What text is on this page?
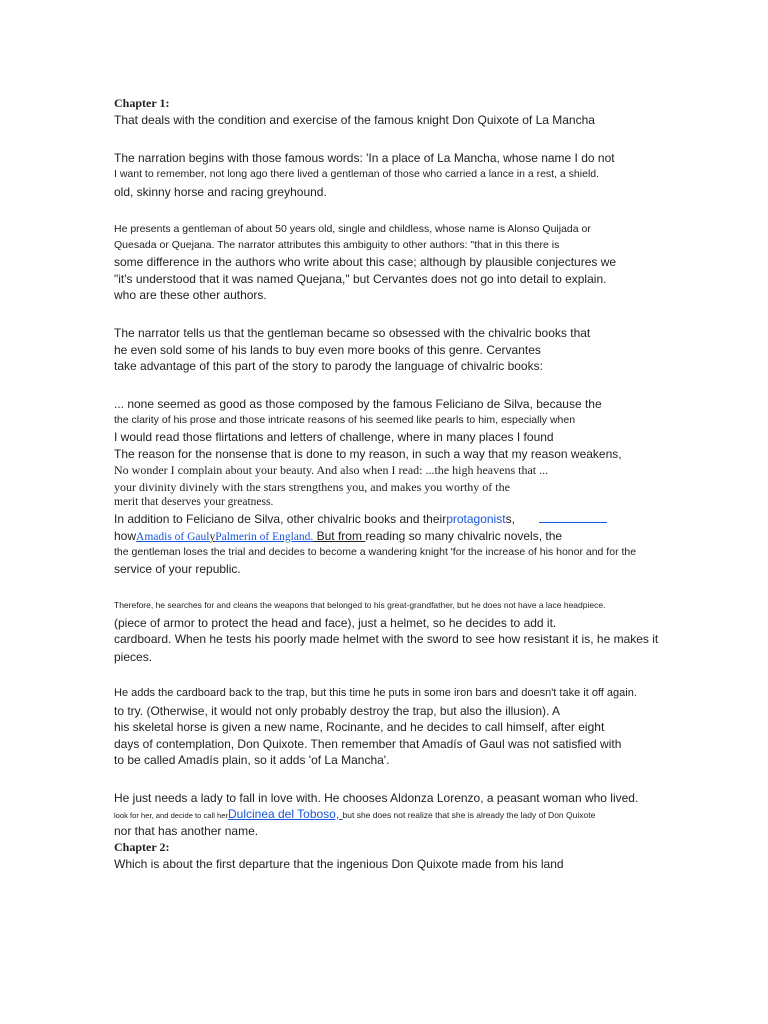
Chapter 1:
That deals with the condition and exercise of the famous knight Don Quixote of La Mancha
The narration begins with those famous words: 'In a place of La Mancha, whose name I do not
I want to remember, not long ago there lived a gentleman of those who carried a lance in a rest, a shield.
old, skinny horse and racing greyhound.
He presents a gentleman of about 50 years old, single and childless, whose name is Alonso Quijada or
Quesada or Quejana. The narrator attributes this ambiguity to other authors: "that in this there is
some difference in the authors who write about this case; although by plausible conjectures we
"it's understood that it was named Quejana," but Cervantes does not go into detail to explain.
who are these other authors.
The narrator tells us that the gentleman became so obsessed with the chivalric books that
he even sold some of his lands to buy even more books of this genre. Cervantes
take advantage of this part of the story to parody the language of chivalric books:
... none seemed as good as those composed by the famous Feliciano de Silva, because the
the clarity of his prose and those intricate reasons of his seemed like pearls to him, especially when
I would read those flirtations and letters of challenge, where in many places I found
The reason for the nonsense that is done to my reason, in such a way that my reason weakens,
No wonder I complain about your beauty. And also when I read: ...the high heavens that ...
your divinity divinely with the stars strengthens you, and makes you worthy of the
merit that deserves your greatness.
In addition to Feliciano de Silva, other chivalric books and theirprotagonists,
howAmadis of GaulyPalmerin of England. But from reading so many chivalric novels, the
the gentleman loses the trial and decides to become a wandering knight 'for the increase of his honor and for the
service of your republic.
Therefore, he searches for and cleans the weapons that belonged to his great-grandfather, but he does not have a lace headpiece.
(piece of armor to protect the head and face), just a helmet, so he decides to add it.
cardboard. When he tests his poorly made helmet with the sword to see how resistant it is, he makes it
pieces.
He adds the cardboard back to the trap, but this time he puts in some iron bars and doesn't take it off again.
to try. (Otherwise, it would not only probably destroy the trap, but also the illusion). A
his skeletal horse is given a new name, Rocinante, and he decides to call himself, after eight
days of contemplation, Don Quixote. Then remember that Amadís of Gaul was not satisfied with
to be called Amadís plain, so it adds 'of La Mancha'.
He just needs a lady to fall in love with. He chooses Aldonza Lorenzo, a peasant woman who lived.
look for her, and decide to call herDulcinea del Toboso, but she does not realize that she is already the lady of Don Quixote
nor that has another name.
Chapter 2:
Which is about the first departure that the ingenious Don Quixote made from his land
